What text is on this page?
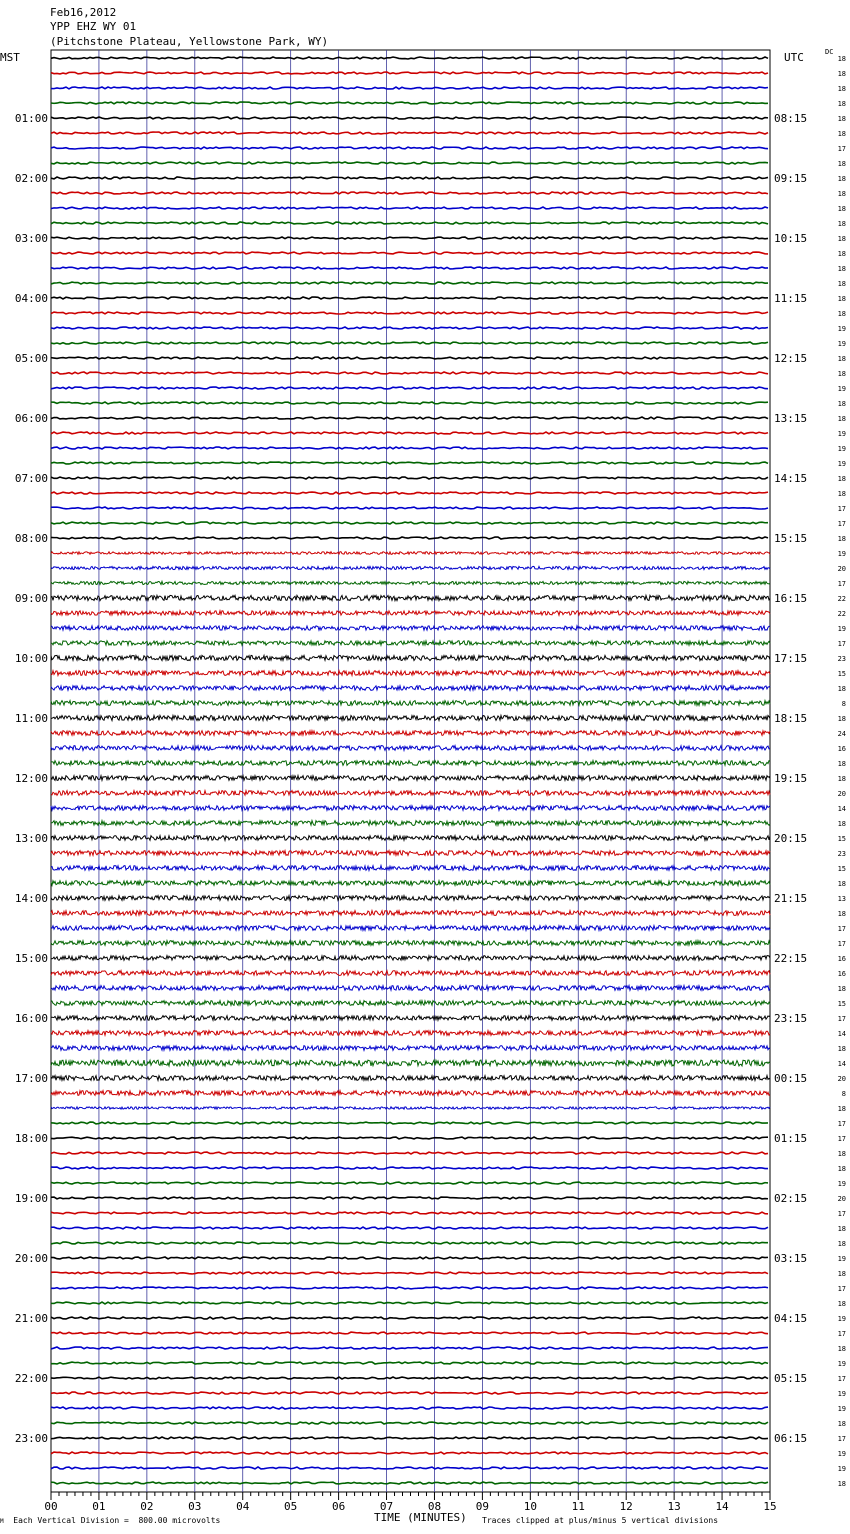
Feb16,2012
YPP EHZ WY 01
(Pitchstone Plateau, Yellowstone Park, WY)
MST	UTC	DC
01:00	08:15
02:00	09:15
03:00	10:15
04:00	11:15
05:00	12:15
06:00	13:15
07:00	14:15
08:00	15:15
09:00	16:15
10:00	17:15
11:00	18:15
12:00	19:15
13:00	20:15
14:00	21:15
15:00	22:15
16:00	23:15
17:00	00:15
18:00	01:15
19:00	02:15
20:00	03:15
21:00	04:15
22:00	05:15
23:00	06:15
18
18
18
18
18
18
17
18
18
18
18
18
18
18
18
18
18
18
19
19
18
18
19
18
18
19
19
19
18
18
17
17
18
19
20
17
22
22
19
17
23
15
18
8
18
24
16
18
18
20
14
18
15
23
15
18
13
18
17
17
16
16
18
15
17
14
18
14
20
8
18
17
17
18
18
19
20
17
18
18
19
18
17
18
19
17
18
19
17
19
19
18
17
19
19
18
00	01	02	03	04	05	06	07	08	09	10	11	12	13	14	15
M Each Vertical Division =  800.00 microvolts	TIME (MINUTES) Traces clipped at plus/minus 5 vertical divisions
